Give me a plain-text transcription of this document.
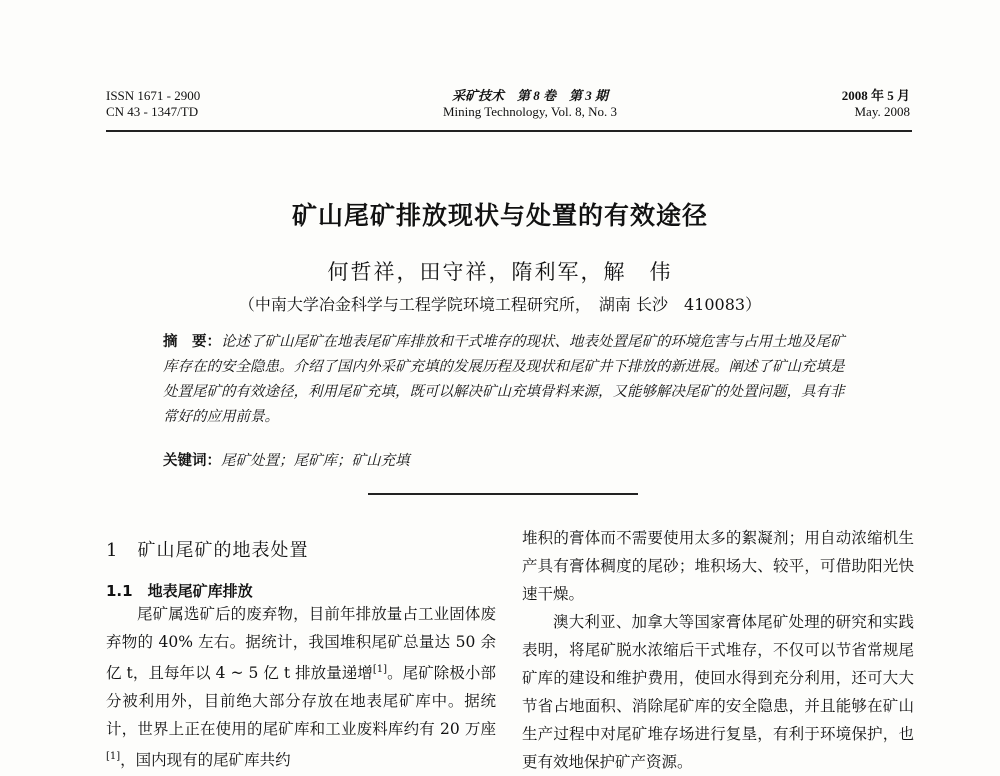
ISSN 1671 - 2900
CN 43 - 1347/TD
采矿技术　第 8 卷　第 3 期
Mining Technology, Vol. 8, No. 3
2008 年 5 月
May. 2008
矿山尾矿排放现状与处置的有效途径
何哲祥，田守祥，隋利军，解　伟
（中南大学冶金科学与工程学院环境工程研究所，　湖南 长沙　410083）
摘　要：论述了矿山尾矿在地表尾矿库排放和干式堆存的现状、地表处置尾矿的环境危害与占用土地及尾矿库存在的安全隐患。介绍了国内外采矿充填的发展历程及现状和尾矿井下排放的新进展。阐述了矿山充填是处置尾矿的有效途径，利用尾矿充填，既可以解决矿山充填骨料来源，又能够解决尾矿的处置问题，具有非常好的应用前景。
关键词：尾矿处置；尾矿库；矿山充填
1　矿山尾矿的地表处置
1.1　地表尾矿库排放
尾矿属选矿后的废弃物，目前年排放量占工业固体废弃物的 40% 左右。据统计，我国堆积尾矿总量达 50 余亿 t，且每年以 4 ~ 5 亿 t 排放量递增[1]。尾矿除极小部分被利用外，目前绝大部分存放在地表尾矿库中。据统计，世界上正在使用的尾矿库和工业废料库约有 20 万座[1]，国内现有的尾矿库共约
堆积的膏体而不需要使用太多的絮凝剂；用自动浓缩机生产具有膏体稠度的尾砂；堆积场大、较平，可借助阳光快速干燥。
澳大利亚、加拿大等国家膏体尾矿处理的研究和实践表明，将尾矿脱水浓缩后干式堆存，不仅可以节省常规尾矿库的建设和维护费用，使回水得到充分利用，还可大大节省占地面积、消除尾矿库的安全隐患，并且能够在矿山生产过程中对尾矿堆存场进行复垦，有利于环境保护，也更有效地保护矿产资源。
